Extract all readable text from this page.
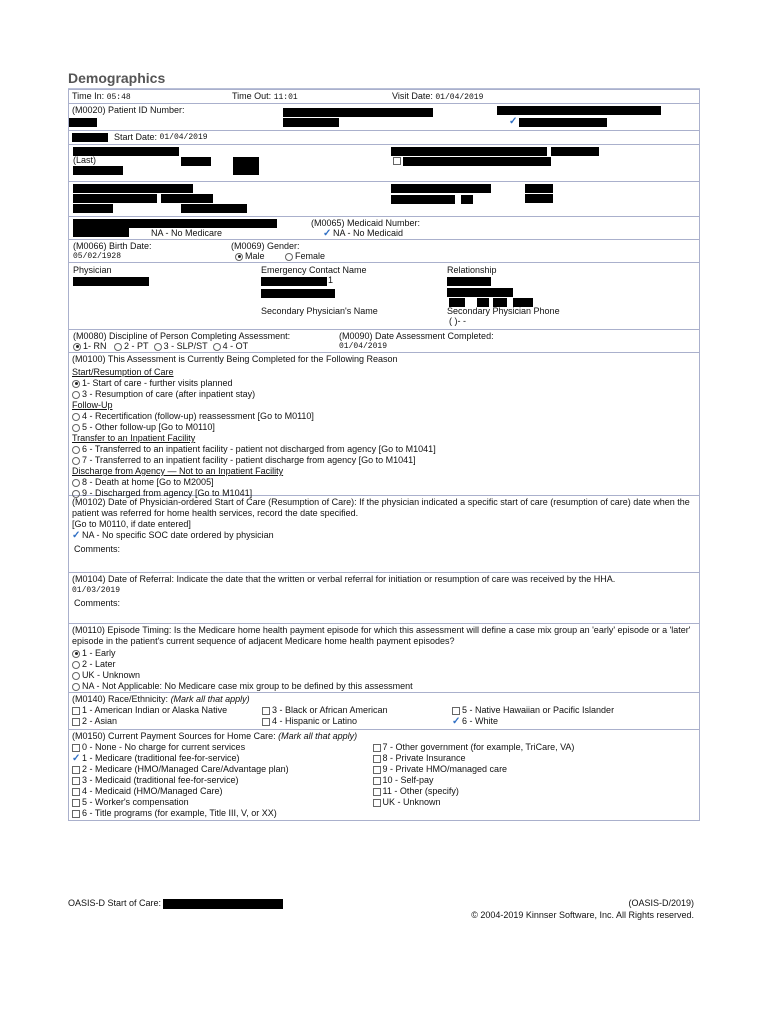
Demographics
Time In: 05:48	Time Out: 11:01	Visit Date: 01/04/2019
(M0020) Patient ID Number:
✓
Start Date:
01/04/2019
(Last)
NA - No Medicare
(M0065) Medicaid Number:
✓ NA - No Medicaid
(M0066) Birth Date:
05/02/1928
(M0069) Gender:
Male	Female
Physician	Emergency Contact Name
1
Relationship
Secondary Physician's Name	Secondary Physician Phone
( )- -
(M0080) Discipline of Person Completing Assessment:	(M0090) Date Assessment Completed:
1- RN 2 - PT 3 - SLP/ST 4 - OT	01/04/2019
(M0100) This Assessment is Currently Being Completed for the Following Reason
Start/Resumption of Care
1- Start of care - further visits planned
3 - Resumption of care (after inpatient stay)
Follow-Up
4 - Recertification (follow-up) reassessment [Go to M0110]
5 - Other follow-up [Go to M0110]
Transfer to an Inpatient Facility
6 - Transferred to an inpatient facility - patient not discharged from agency [Go to M1041]
7 - Transferred to an inpatient facility - patient discharge from agency [Go to M1041]
Discharge from Agency — Not to an Inpatient Facility
8 - Death at home [Go to M2005]
9 - Discharged from agency [Go to M1041]
(M0102) Date of Physician-ordered Start of Care (Resumption of Care): If the physician indicated a specific start of care (resumption of care) date when the patient was referred for home health services, record the date specified.
[Go to M0110, if date entered]
✓ NA - No specific SOC date ordered by physician
Comments:
(M0104) Date of Referral: Indicate the date that the written or verbal referral for initiation or resumption of care was received by the HHA.
01/03/2019
Comments:
(M0110) Episode Timing: Is the Medicare home health payment episode for which this assessment will define a case mix group an 'early' episode or a 'later' episode in the patient's current sequence of adjacent Medicare home health payment episodes?
1 - Early
2 - Later
UK - Unknown
NA - Not Applicable: No Medicare case mix group to be defined by this assessment
(M0140) Race/Ethnicity: (Mark all that apply)
1 - American Indian or Alaska Native	3 - Black or African American	5 - Native Hawaiian or Pacific Islander
2 - Asian	4 - Hispanic or Latino	✓ 6 - White
(M0150) Current Payment Sources for Home Care: (Mark all that apply)
0 - None - No charge for current services
✓ 1 - Medicare (traditional fee-for-service)
2 - Medicare (HMO/Managed Care/Advantage plan)
3 - Medicaid (traditional fee-for-service)
4 - Medicaid (HMO/Managed Care)
5 - Worker's compensation
6 - Title programs (for example, Title III, V, or XX)

7 - Other government (for example, TriCare, VA)
8 - Private Insurance
9 - Private HMO/managed care
10 - Self-pay
11 - Other (specify)
UK - Unknown
OASIS-D Start of Care:	(OASIS-D/2019)
© 2004-2019 Kinnser Software, Inc. All Rights reserved.
